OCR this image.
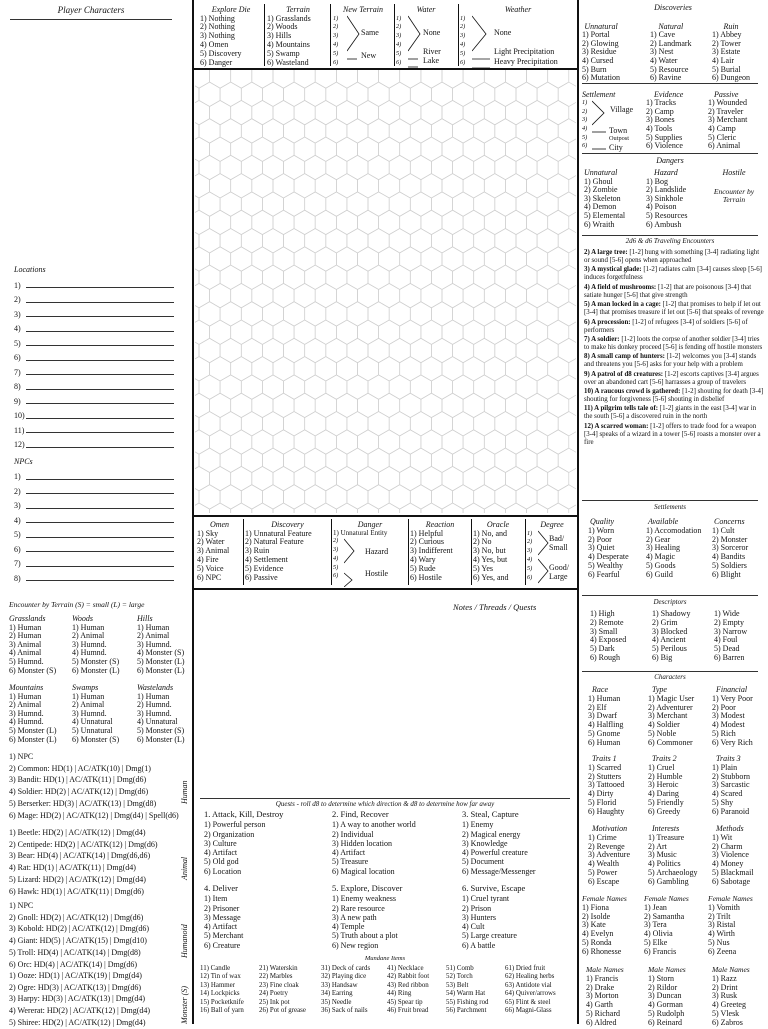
Player Characters
Locations
1)
2)
3)
4)
5)
6)
7)
8)
9)
10)
11)
12)
NPCs
1)
2)
3)
4)
5)
6)
7)
8)
Encounter by Terrain (S) = small (L) = large
Grasslands
1) Human
2) Human
3) Animal
4) Animal
5) Humnd.
6) Monster (S)
Woods
1) Human
2) Animal
3) Humnd.
4) Humnd.
5) Monster (S)
6) Monster (L)
Hills
1) Human
2) Animal
3) Humnd.
4) Monster (S)
5) Monster (L)
6) Monster (L)
Mountains
1) Human
2) Animal
3) Humnd.
4) Humnd.
5) Monster (L)
6) Monster (L)
Swamps
1) Human
2) Animal
3) Humnd.
4) Unnatural
5) Unnatural
6) Monster (S)
Wastelands
1) Human
2) Humnd.
3) Humnd.
4) Unnatural
5) Monster (S)
6) Monster (L)
1) NPC
2) Common: HD(1) | AC/ATK(10) | Dmg(1)
3) Bandit: HD(1) | AC/ATK(11) | Dmg(d6)
4) Soldier: HD(2) | AC/ATK(12) | Dmg(d6)
5) Berserker: HD(3) | AC/ATK(13) | Dmg(d8)
6) Mage: HD(2) | AC/ATK(12) | Dmg(d4) | Spell(d6)
1) Beetle: HD(2) | AC/ATK(12) | Dmg(d4)
2) Centipede: HD(2) | AC/ATK(12) | Dmg(d6)
3) Bear: HD(4) | AC/ATK(14) | Dmg(d6,d6)
4) Rat: HD(1) | AC/ATK(11) | Dmg(d4)
5) Lizard: HD(2) | AC/ATK(12) | Dmg(d4)
6) Hawk: HD(1) | AC/ATK(11) | Dmg(d6)
1) NPC
2) Gnoll: HD(2) | AC/ATK(12) | Dmg(d6)
3) Kobold: HD(2) | AC/ATK(12) | Dmg(d6)
4) Giant: HD(5) | AC/ATK(15) | Dmg(d10)
5) Troll: HD(4) | AC/ATK(14) | Dmg(d8)
6) Orc: HD(4) | AC/ATK(14) | Dmg(d6)
1) Ooze: HD(1) | AC/ATK(19) | Dmg(d4)
2) Ogre: HD(3) | AC/ATK(13) | Dmg(d6)
3) Harpy: HD(3) | AC/ATK(13) | Dmg(d4)
4) Wererat: HD(2) | AC/ATK(12) | Dmg(d4)
5) Shiree: HD(2) | AC/ATK(12) | Dmg(d4)
Human
Animal
Humanoid
Monster (S)
Explore Die
1) Nothing
2) Nothing
3) Nothing
4) Omen
5) Discovery
6) Danger
Terrain
1) Grasslands
2) Woods
3) Hills
4) Mountains
5) Swamp
6) Wasteland
New Terrain
1)
2)
3)
4)
5)
6)
Same
New
Water
1)
2)
3)
4)
5)
6)
None
River
Lake
Weather
1)
2)
3)
4)
5)
6)
None
Light Precipitation
Heavy Precipitation
Omen
1) Sky
2) Water
3) Animal
4) Fire
5) Voice
6) NPC
Discovery
1) Unnatural Feature
2) Natural Feature
3) Ruin
4) Settlement
5) Evidence
6) Passive
Danger
1) Unnatural Entity
2)
3)
4)
5)
6)
Hazard
Hostile
Reaction
1) Helpful
2) Curious
3) Indifferent
4) Wary
5) Rude
6) Hostile
Oracle
1) No, and
2) No
3) No, but
4) Yes, but
5) Yes
6) Yes, and
Degree
1)
2)
3)
4)
5)
6)
Bad/ Small
Good/ Large
Notes / Threads / Quests
Quests - roll d8 to determine which direction & d8 to determine how far away
1. Attack, Kill, Destroy
1) Powerful person
2) Organization
3) Culture
4) Artifact
5) Old god
6) Location
2. Find, Recover
1) A way to another world
2) Individual
3) Hidden location
4) Artifact
5) Treasure
6) Magical location
3. Steal, Capture
1) Enemy
2) Magical energy
3) Knowledge
4) Powerful creature
5) Document
6) Message/Messenger
4. Deliver
1) Item
2) Prisoner
3) Message
4) Artifact
5) Merchant
6) Creature
5. Explore, Discover
1) Enemy weakness
2) Rare resource
3) A new path
4) Temple
5) Truth about a plot
6) New region
6. Survive, Escape
1) Cruel tyrant
2) Prison
3) Hunters
4) Cult
5) Large creature
6) A battle
Mundane Items
11) Candle
12) Tin of wax
13) Hammer
14) Lockpicks
15) Pocketknife
16) Ball of yarn
21) Waterskin
22) Marbles
23) Fine cloak
24) Poetry
25) Ink pot
26) Pot of grease
31) Deck of cards
32) Playing dice
33) Handsaw
34) Earring
35) Needle
36) Sack of nails
41) Necklace
42) Rabbit foot
43) Red ribbon
44) Ring
45) Spear tip
46) Fruit bread
51) Comb
52) Torch
53) Belt
54) Warm Hat
55) Fishing rod
56) Parchment
61) Dried fruit
62) Healing herbs
63) Antidote vial
64) Quiver/arrows
65) Flint & steel
66) Magni-Glass
Discoveries
Unnatural
1) Portal
2) Glowing
3) Residue
4) Cursed
5) Burn
6) Mutation
Natural
1) Cave
2) Landmark
3) Nest
4) Water
5) Resource
6) Ravine
Ruin
1) Abbey
2) Tower
3) Estate
4) Lair
5) Burial
6) Dungeon
Settlement
1)
2)
3)
4)
5)
6)
Village
Town
Outpost
City
Evidence
1) Tracks
2) Camp
3) Bones
4) Tools
5) Supplies
6) Violence
Passive
1) Wounded
2) Traveler
3) Merchant
4) Camp
5) Cleric
6) Animal
Dangers
Unnatural
1) Ghoul
2) Zombie
3) Skeleton
4) Demon
5) Elemental
6) Wraith
Hazard
1) Bog
2) Landslide
3) Sinkhole
4) Poison
5) Resources
6) Ambush
Hostile
Encounter by Terrain
2d6 & d6 Traveling Encounters
2) A large tree: [1-2] hung with something [3-4] radiating light or sound [5-6] opens when approached
3) A mystical glade: [1-2] radiates calm [3-4] causes sleep [5-6] induces forgetfulness
4) A field of mushrooms: [1-2] that are poisonous [3-4] that satiate hunger [5-6] that give strength
5) A man locked in a cage: [1-2] that promises to help if let out [3-4] that promises treasure if let out [5-6] that speaks of revenge
6) A procession: [1-2] of refugees [3-4] of soldiers [5-6] of performers
7) A soldier: [1-2] loots the corpse of another soldier [3-4] tries to make his donkey proceed [5-6] is fending off hostile monsters
8) A small camp of hunters: [1-2] welcomes you [3-4] stands and threatens you [5-6] asks for your help with a problem
9) A patrol of d8 creatures: [1-2] escorts captives [3-4] argues over an abandoned cart [5-6] harrasses a group of travelers
10) A raucous crowd is gathered: [1-2] shouting for death [3-4] shouting for forgiveness [5-6] shouting in disbelief
11) A pilgrim tells tale of: [1-2] giants in the east [3-4] war in the south [5-6] a discovered ruin in the north
12) A scarred woman: [1-2] offers to trade food for a weapon [3-4] speaks of a wizard in a tower [5-6] roasts a monster over a fire
Settlements
Quality
1) Worn
2) Poor
3) Quiet
4) Desperate
5) Wealthy
6) Fearful
Available
1) Accomodation
2) Gear
3) Healing
4) Magic
5) Goods
6) Guild
Concerns
1) Cult
2) Monster
3) Sorceror
4) Bandits
5) Soldiers
6) Blight
Descriptors
1) High
2) Remote
3) Small
4) Exposed
5) Dark
6) Rough
1) Shadowy
2) Grim
3) Blocked
4) Ancient
5) Perilous
6) Big
1) Wide
2) Empty
3) Narrow
4) Foul
5) Dead
6) Barren
Characters
Race
1) Human
2) Elf
3) Dwarf
4) Halfling
5) Gnome
6) Human
Type
1) Magic User
2) Adventurer
3) Merchant
4) Soldier
5) Noble
6) Commoner
Financial
1) Very Poor
2) Poor
3) Modest
4) Modest
5) Rich
6) Very Rich
Traits 1
1) Scarred
2) Stutters
3) Tattooed
4) Dirty
5) Florid
6) Haughty
Traits 2
1) Cruel
2) Humble
3) Heroic
4) Daring
5) Friendly
6) Greedy
Traits 3
1) Plain
2) Stubborn
3) Sarcastic
4) Scared
5) Shy
6) Paranoid
Motivation
1) Crime
2) Revenge
3) Adventure
4) Wealth
5) Power
6) Escape
Interests
1) Treasure
2) Art
3) Music
4) Politics
5) Archaeology
6) Gambling
Methods
1) Wit
2) Charm
3) Violence
4) Money
5) Blackmail
6) Sabotage
Female Names
1) Fiona
2) Isolde
3) Kate
4) Evelyn
5) Ronda
6) Rhonesse
Female Names
1) Jean
2) Samantha
3) Tera
4) Olivia
5) Elke
6) Francis
Female Names
1) Vomith
2) Trilt
3) Ristal
4) Wirth
5) Nus
6) Zeena
Male Names
1) Francis
2) Drake
3) Morton
4) Garth
5) Richard
6) Aldred
Male Names
1) Storn
2) Rildor
3) Duncan
4) Gorman
5) Rudolph
6) Reinard
Male Names
1) Razz
2) Drint
3) Rusk
4) Greeteg
5) Vlesk
6) Zabros
